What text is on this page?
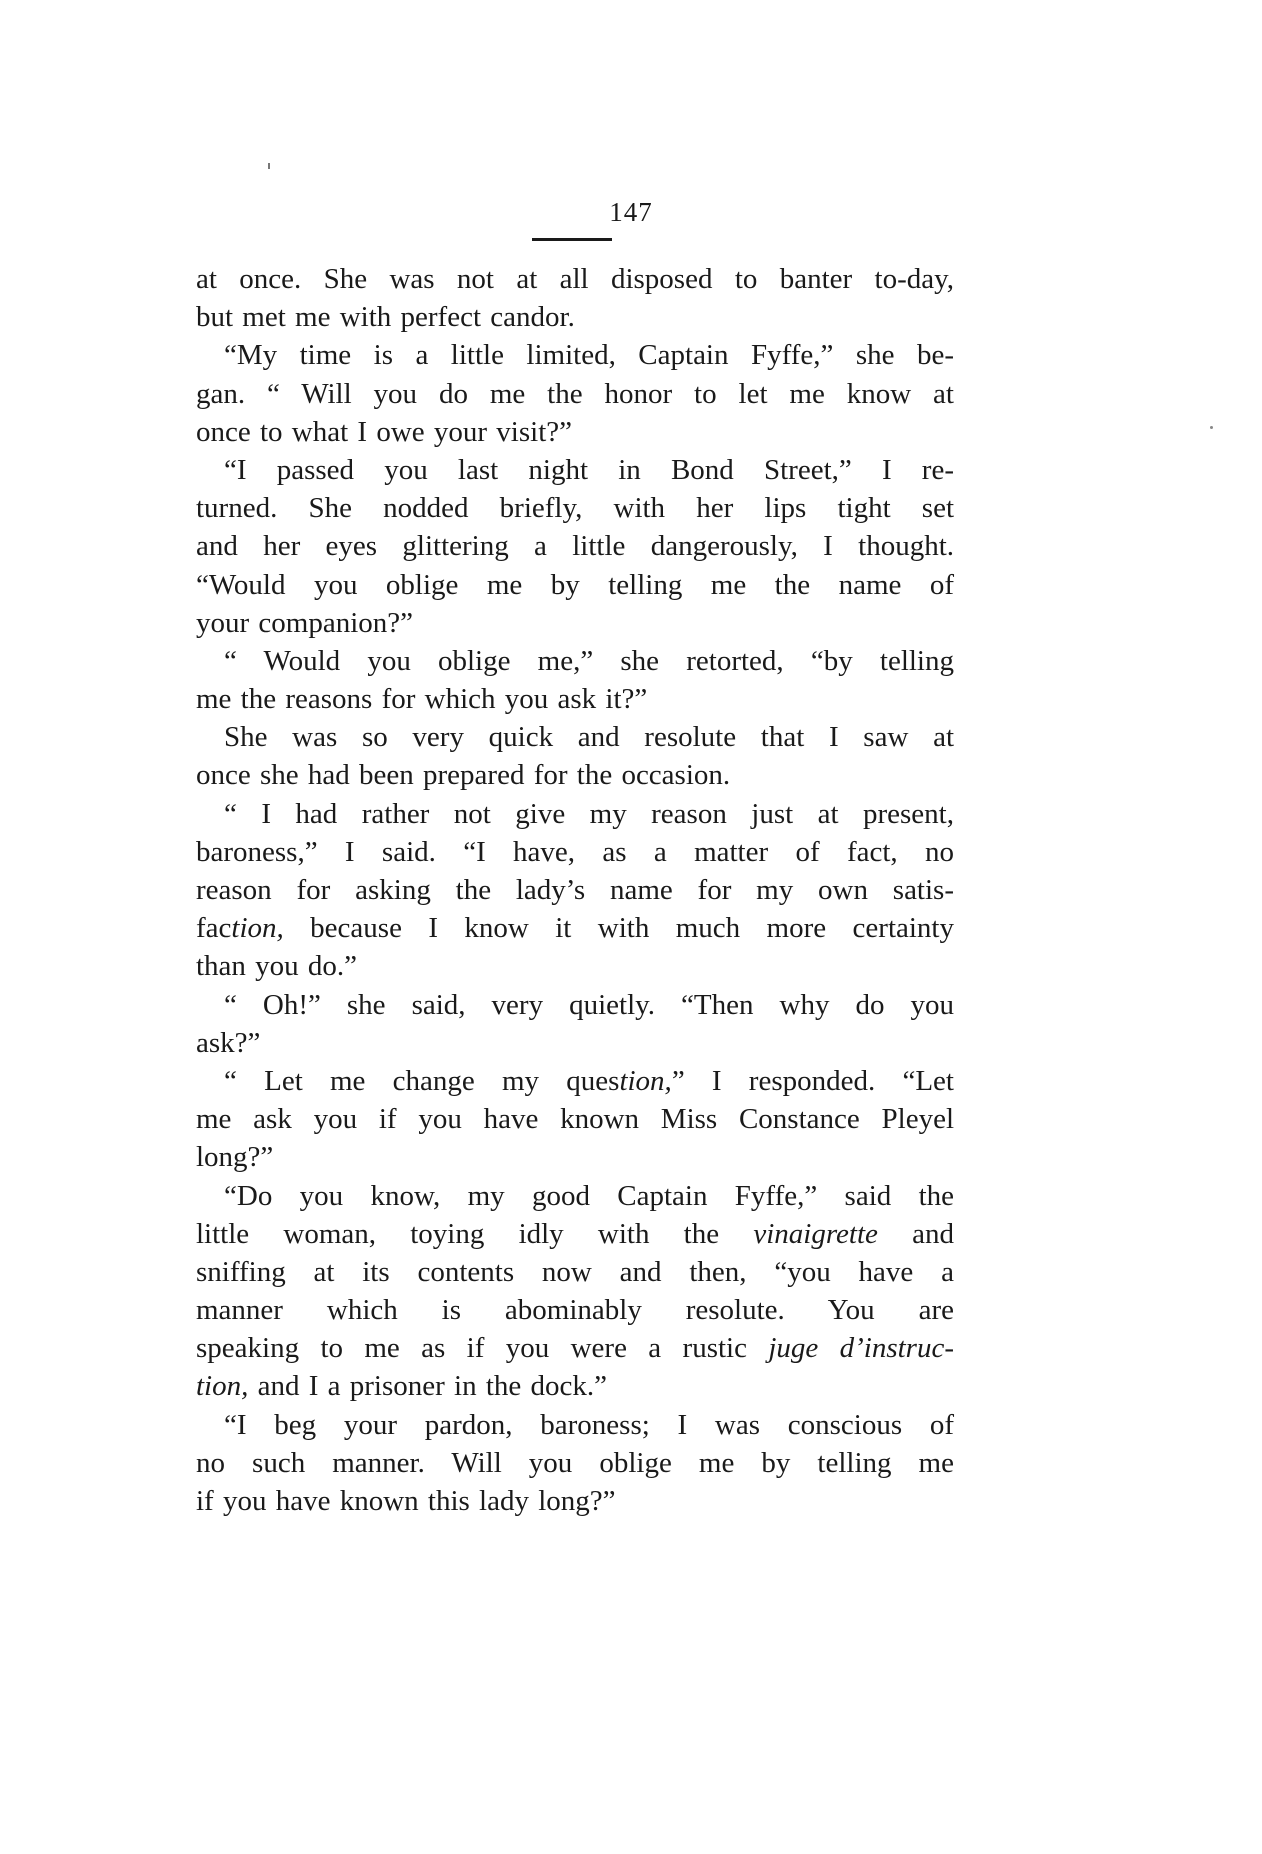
147
at once. She was not at all disposed to banter to-day,
but met me with perfect candor.
“My time is a little limited, Captain Fyffe,” she be-
gan. “ Will you do me the honor to let me know at
once to what I owe your visit?”
“I passed you last night in Bond Street,” I re-
turned. She nodded briefly, with her lips tight set
and her eyes glittering a little dangerously, I thought.
“Would you oblige me by telling me the name of
your companion?”
“ Would you oblige me,” she retorted, “by telling
me the reasons for which you ask it?”
She was so very quick and resolute that I saw at
once she had been prepared for the occasion.
“ I had rather not give my reason just at present,
baroness,” I said. “I have, as a matter of fact, no
reason for asking the lady’s name for my own satis-
faction, because I know it with much more certainty
than you do.”
“ Oh!” she said, very quietly. “Then why do you
ask?”
“ Let me change my question,” I responded. “Let
me ask you if you have known Miss Constance Pleyel
long?”
“Do you know, my good Captain Fyffe,” said the
little woman, toying idly with the vinaigrette and
sniffing at its contents now and then, “you have a
manner which is abominably resolute. You are
speaking to me as if you were a rustic juge d’instruc-
tion, and I a prisoner in the dock.”
“I beg your pardon, baroness; I was conscious of
no such manner. Will you oblige me by telling me
if you have known this lady long?”
